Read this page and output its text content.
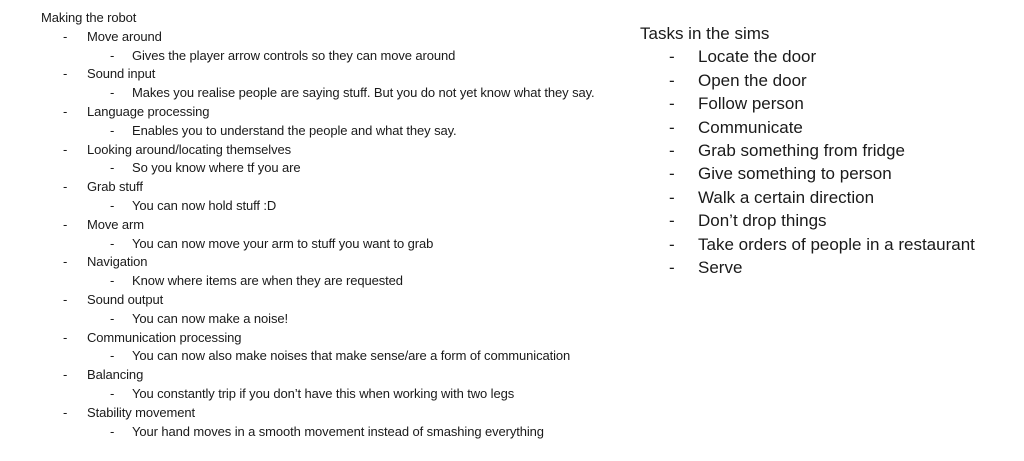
Making the robot
- Move around
- Gives the player arrow controls so they can move around
- Sound input
- Makes you realise people are saying stuff. But you do not yet know what they say.
- Language processing
- Enables you to understand the people and what they say.
- Looking around/locating themselves
- So you know where tf you are
- Grab stuff
- You can now hold stuff :D
- Move arm
- You can now move your arm to stuff you want to grab
- Navigation
- Know where items are when they are requested
- Sound output
- You can now make a noise!
- Communication processing
- You can now also make noises that make sense/are a form of communication
- Balancing
- You constantly trip if you don’t have this when working with two legs
- Stability movement
- Your hand moves in a smooth movement instead of smashing everything
Tasks in the sims
- Locate the door
- Open the door
- Follow person
- Communicate
- Grab something from fridge
- Give something to person
- Walk a certain direction
- Don’t drop things
- Take orders of people in a restaurant
- Serve
